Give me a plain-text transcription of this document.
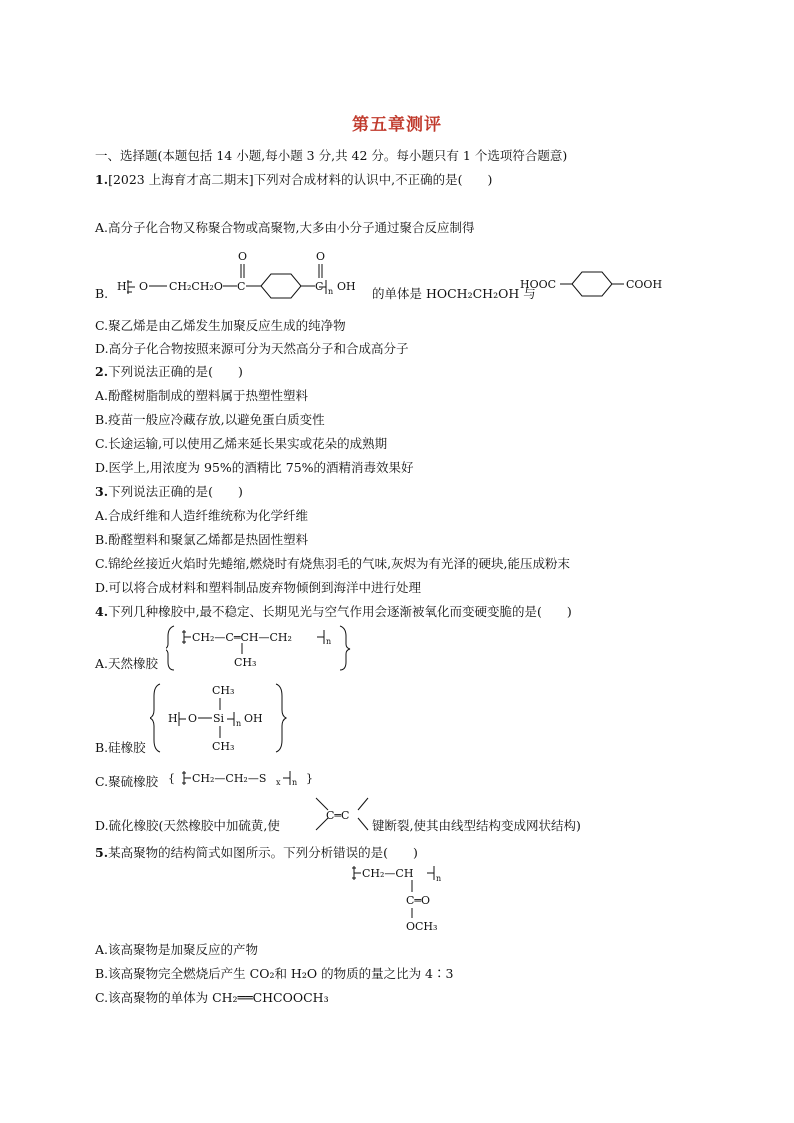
第五章测评
一、选择题(本题包括 14 小题,每小题 3 分,共 42 分。每小题只有 1 个选项符合题意)
1.[2023 上海育才高二期末]下列对合成材料的认识中,不正确的是(　　)
A.高分子化合物又称聚合物或高聚物,大多由小分子通过聚合反应制得
B. H O CH₂CH₂O C
O
C
O
n OH 的单体是 HOCH₂CH₂OH 与
HOOC	COOH
C.聚乙烯是由乙烯发生加聚反应生成的纯净物
D.高分子化合物按照来源可分为天然高分子和合成高分子
2.下列说法正确的是(　　)
A.酚醛树脂制成的塑料属于热塑性塑料
B.疫苗一般应冷藏存放,以避免蛋白质变性
C.长途运输,可以使用乙烯来延长果实或花朵的成熟期
D.医学上,用浓度为 95%的酒精比 75%的酒精消毒效果好
3.下列说法正确的是(　　)
A.合成纤维和人造纤维统称为化学纤维
B.酚醛塑料和聚氯乙烯都是热固性塑料
C.锦纶丝接近火焰时先蜷缩,燃烧时有烧焦羽毛的气味,灰烬为有光泽的硬块,能压成粉末
D.可以将合成材料和塑料制品废弃物倾倒到海洋中进行处理
4.下列几种橡胶中,最不稳定、长期见光与空气作用会逐渐被氧化而变硬变脆的是(　　)
A.天然橡胶
CH₂—C═CH—CH₂
CH₃
n
B.硅橡胶
H O Si
CH₃
CH₃
n OH
C.聚硫橡胶 { CH₂—CH₂—S x n }
D.硫化橡胶(天然橡胶中加硫黄,使
C═C
键断裂,使其由线型结构变成网状结构)
5.某高聚物的结构简式如图所示。下列分析错误的是(　　)
CH₂—CH	n
C═O
OCH₃
A.该高聚物是加聚反应的产物
B.该高聚物完全燃烧后产生 CO₂和 H₂O 的物质的量之比为 4∶3
C.该高聚物的单体为 CH₂══CHCOOCH₃
